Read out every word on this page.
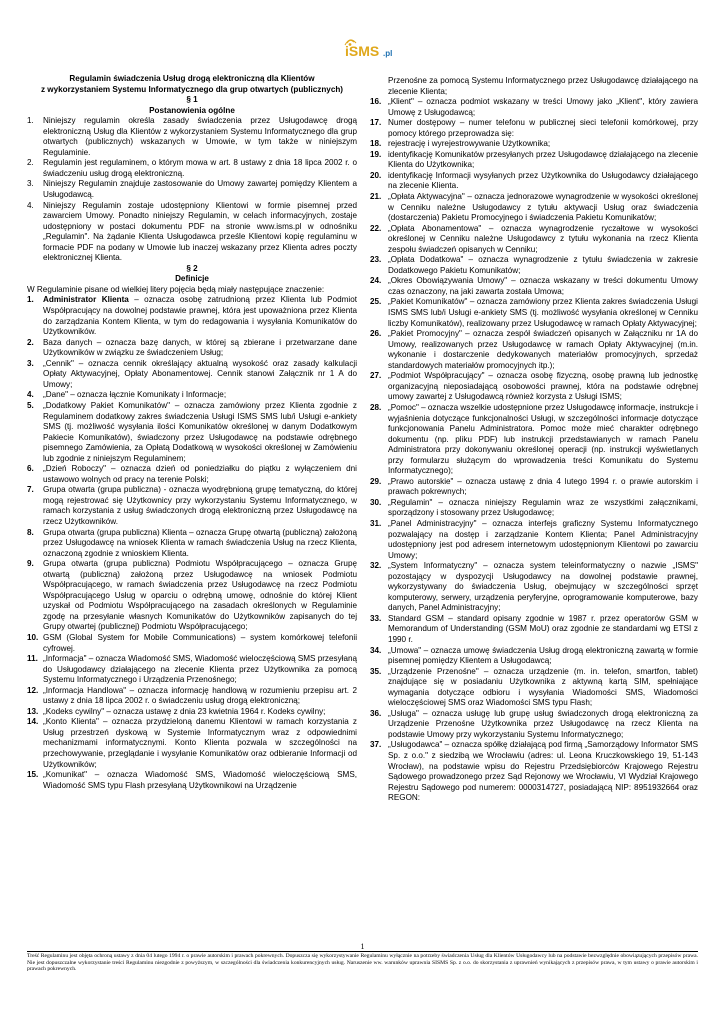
iSMS .pl
Regulamin świadczenia Usług drogą elektroniczną dla Klientów
z wykorzystaniem Systemu Informatycznego dla grup otwartych (publicznych)
§ 1
Postanowienia ogólne
1.	Niniejszy regulamin określa zasady świadczenia przez Usługodawcę drogą elektroniczną Usług dla Klientów z wykorzystaniem Systemu Informatycznego dla grup otwartych (publicznych) wskazanych w Umowie, w tym także w niniejszym Regulaminie.
2.	Regulamin jest regulaminem, o którym mowa w art. 8 ustawy z dnia 18 lipca 2002 r. o świadczeniu usług drogą elektroniczną.
3.	Niniejszy Regulamin znajduje zastosowanie do Umowy zawartej pomiędzy Klientem a Usługodawcą.
4.	Niniejszy Regulamin zostaje udostępniony Klientowi w formie pisemnej przed zawarciem Umowy. Ponadto niniejszy Regulamin, w celach informacyjnych, zostaje udostępniony w postaci dokumentu PDF na stronie www.isms.pl w odnośniku „Regulamin". Na żądanie Klienta Usługodawca prześle Klientowi kopię regulaminu w formacie PDF na podany w Umowie lub inaczej wskazany przez Klienta adres poczty elektronicznej Klienta.
§ 2
Definicje
W Regulaminie pisane od wielkiej litery pojęcia będą miały następujące znaczenie:
1.	Administrator Klienta – oznacza osobę zatrudnioną przez Klienta lub Podmiot Współpracujący na dowolnej podstawie prawnej, która jest upoważniona przez Klienta do zarządzania Kontem Klienta, w tym do redagowania i wysyłania Komunikatów do Użytkowników.
2.	Baza danych – oznacza bazę danych, w której są zbierane i przetwarzane dane Użytkowników w związku ze świadczeniem Usług;
3.	„Cennik" – oznacza cennik określający aktualną wysokość oraz zasady kalkulacji Opłaty Aktywacyjnej, Opłaty Abonamentowej. Cennik stanowi Załącznik nr 1 A do Umowy;
4.	„Dane" – oznacza łącznie Komunikaty i Informacje;
5.	„Dodatkowy Pakiet Komunikatów" – oznacza zamówiony przez Klienta zgodnie z Regulaminem dodatkowy zakres świadczenia Usługi ISMS SMS lub/i Usługi e-ankiety SMS (tj. możliwość wysyłania ilości Komunikatów określonej w danym Dodatkowym Pakiecie Komunikatów), świadczony przez Usługodawcę na podstawie odrębnego pisemnego Zamówienia, za Opłatą Dodatkową w wysokości określonej w Zamówieniu lub zgodnie z niniejszym Regulaminem;
6.	„Dzień Roboczy" – oznacza dzień od poniedziałku do piątku z wyłączeniem dni ustawowo wolnych od pracy na terenie Polski;
7.	Grupa otwarta (grupa publiczna) - oznacza wyodrębnioną grupę tematyczną, do której mogą rejestrować się Użytkownicy przy wykorzystaniu Systemu Informatycznego, w ramach korzystania z usług świadczonych drogą elektroniczną przez Usługodawcę na rzecz Użytkowników.
8.	Grupa otwarta (grupa publiczna) Klienta – oznacza Grupę otwartą (publiczną) założoną przez Usługodawcę na wniosek Klienta w ramach świadczenia Usług na rzecz Klienta, oznaczoną zgodnie z wnioskiem Klienta.
9.	Grupa otwarta (grupa publiczna) Podmiotu Współpracującego – oznacza Grupę otwartą (publiczną) założoną przez Usługodawcę na wniosek Podmiotu Współpracującego, w ramach świadczenia przez Usługodawcę na rzecz Podmiotu Współpracującego Usług w oparciu o odrębną umowę, odnośnie do której Klient uzyskał od Podmiotu Współpracującego na zasadach określonych w Regulaminie zgodę na przesyłanie własnych Komunikatów do Użytkowników zapisanych do tej Grupy otwartej (publicznej) Podmiotu Współpracującego;
10. GSM (Global System for Mobile Communications) – system komórkowej telefonii cyfrowej.
11. „Informacja" – oznacza Wiadomość SMS, Wiadomość wieloczęściową SMS przesyłaną do Usługodawcy działającego na zlecenie Klienta przez Użytkownika za pomocą Systemu Informatycznego i Urządzenia Przenośnego;
12. „Informacja Handlowa" – oznacza informację handlową w rozumieniu przepisu art. 2 ustawy z dnia 18 lipca 2002 r. o świadczeniu usług drogą elektroniczną;
13. „Kodeks cywilny" – oznacza ustawę z dnia 23 kwietnia 1964 r. Kodeks cywilny;
14. „Konto Klienta" – oznacza przydzieloną danemu Klientowi w ramach korzystania z Usług przestrzeń dyskową w Systemie Informatycznym wraz z odpowiednimi mechanizmami informatycznymi. Konto Klienta pozwala w szczególności na przechowywanie, przeglądanie i wysyłanie Komunikatów oraz odbieranie Informacji od Użytkowników;
15. „Komunikat" – oznacza Wiadomość SMS, Wiadomość wieloczęściową SMS, Wiadomość SMS typu Flash przesyłaną Użytkownikowi na Urządzenie
Przenośne za pomocą Systemu Informatycznego przez Usługodawcę działającego na zlecenie Klienta;
16. „Klient" – oznacza podmiot wskazany w treści Umowy jako „Klient", który zawiera Umowę z Usługodawcą;
17. Numer dostępowy – numer telefonu w publicznej sieci telefonii komórkowej, przy pomocy którego przeprowadza się:
18. rejestrację i wyrejestrowywanie Użytkownika;
19. identyfikację Komunikatów przesyłanych przez Usługodawcę działającego na zlecenie Klienta do Użytkownika;
20. identyfikację Informacji wysyłanych przez Użytkownika do Usługodawcy działającego na zlecenie Klienta.
21. „Opłata Aktywacyjna" – oznacza jednorazowe wynagrodzenie w wysokości określonej w Cenniku należne Usługodawcy z tytułu aktywacji Usług oraz świadczenia (dostarczenia) Pakietu Promocyjnego i świadczenia Pakietu Komunikatów;
22. „Opłata Abonamentowa" – oznacza wynagrodzenie ryczałtowe w wysokości określonej w Cenniku należne Usługodawcy z tytułu wykonania na rzecz Klienta zespołu świadczeń opisanych w Cenniku;
23. „Opłata Dodatkowa" – oznacza wynagrodzenie z tytułu świadczenia w zakresie Dodatkowego Pakietu Komunikatów;
24. „Okres Obowiązywania Umowy" – oznacza wskazany w treści dokumentu Umowy czas oznaczony, na jaki zawarta została Umowa;
25. „Pakiet Komunikatów" – oznacza zamówiony przez Klienta zakres świadczenia Usługi ISMS SMS lub/i Usługi e-ankiety SMS (tj. możliwość wysyłania określonej w Cenniku liczby Komunikatów), realizowany przez Usługodawcę w ramach Opłaty Aktywacyjnej;
26. „Pakiet Promocyjny" – oznacza zespół świadczeń opisanych w Załączniku nr 1A do Umowy, realizowanych przez Usługodawcę w ramach Opłaty Aktywacyjnej (m.in. wykonanie i dostarczenie dedykowanych materiałów promocyjnych, sprzedaż standardowych materiałów promocyjnych itp.);
27. „Podmiot Współpracujący" – oznacza osobę fizyczną, osobę prawną lub jednostkę organizacyjną nieposiadającą osobowości prawnej, która na podstawie odrębnej umowy zawartej z Usługodawcą również korzysta z Usługi ISMS;
28. „Pomoc" – oznacza wszelkie udostępnione przez Usługodawcę informacje, instrukcje i wyjaśnienia dotyczące funkcjonalności Usługi, w szczególności informacje dotyczące funkcjonowania Panelu Administratora. Pomoc może mieć charakter odrębnego dokumentu (np. pliku PDF) lub instrukcji przedstawianych w ramach Panelu Administratora przy dokonywaniu określonej operacji (np. instrukcji wyświetlanych przy formularzu służącym do wprowadzenia treści Komunikatu do Systemu Informatycznego);
29. „Prawo autorskie" – oznacza ustawę z dnia 4 lutego 1994 r. o prawie autorskim i prawach pokrewnych;
30. „Regulamin" – oznacza niniejszy Regulamin wraz ze wszystkimi załącznikami, sporządzony i stosowany przez Usługodawcę;
31. „Panel Administracyjny" – oznacza interfejs graficzny Systemu Informatycznego pozwalający na dostęp i zarządzanie Kontem Klienta; Panel Administracyjny udostępniony jest pod adresem internetowym udostępnionym Klientowi po zawarciu Umowy;
32. „System Informatyczny" – oznacza system teleinformatyczny o nazwie „ISMS" pozostający w dyspozycji Usługodawcy na dowolnej podstawie prawnej, wykorzystywany do świadczenia Usług, obejmujący w szczególności sprzęt komputerowy, serwery, urządzenia peryferyjne, oprogramowanie komputerowe, bazy danych, Panel Administracyjny;
33. Standard GSM – standard opisany zgodnie w 1987 r. przez operatorów GSM w Memorandum of Understanding (GSM MoU) oraz zgodnie ze standardami wg ETSI z 1990 r.
34. „Umowa" – oznacza umowę świadczenia Usług drogą elektroniczną zawartą w formie pisemnej pomiędzy Klientem a Usługodawcą;
35. „Urządzenie Przenośne" – oznacza urządzenie (m. in. telefon, smartfon, tablet) znajdujące się w posiadaniu Użytkownika z aktywną kartą SIM, spełniające wymagania dotyczące odbioru i wysyłania Wiadomości SMS, Wiadomości wieloczęściowej SMS oraz Wiadomości SMS typu Flash;
36. „Usługa" – oznacza usługę lub grupę usług świadczonych drogą elektroniczną za Urządzenie Przenośne Użytkownika przez Usługodawcę na rzecz Klienta na podstawie Umowy przy wykorzystaniu Systemu Informatycznego;
37. „Usługodawca" – oznacza spółkę działającą pod firmą „Samorządowy Informator SMS Sp. z o.o." z siedzibą we Wrocławiu (adres: ul. Leona Kruczkowskiego 19, 51-143 Wrocław), na podstawie wpisu do Rejestru Przedsiębiorców Krajowego Rejestru Sądowego prowadzonego przez Sąd Rejonowy we Wrocławiu, VI Wydział Krajowego Rejestru Sądowego pod numerem: 0000314727, posiadającą NIP: 8951932664 oraz REGON:
1
Treść Regulaminu jest objęta ochroną ustawy z dnia 04 lutego 1994 r. o prawie autorskim i prawach pokrewnych. Dopuszcza się wykorzystywanie Regulaminu wyłącznie na potrzeby świadczenia Usług dla Klientów Usługodawcy lub na podstawie bezwzględnie obowiązujących przepisów prawa. Nie jest dopuszczalne wykorzystanie treści Regulaminu niezgodnie z powyższym, w szczególności dla świadczenia konkurencyjnych usług. Naruszenie ww. warunków uprawnia SISMS Sp. z o.o. do skorzystania z uprawnień wynikających z przepisów prawa, w tym ustawy o prawie autorskim i prawach pokrewnych.
